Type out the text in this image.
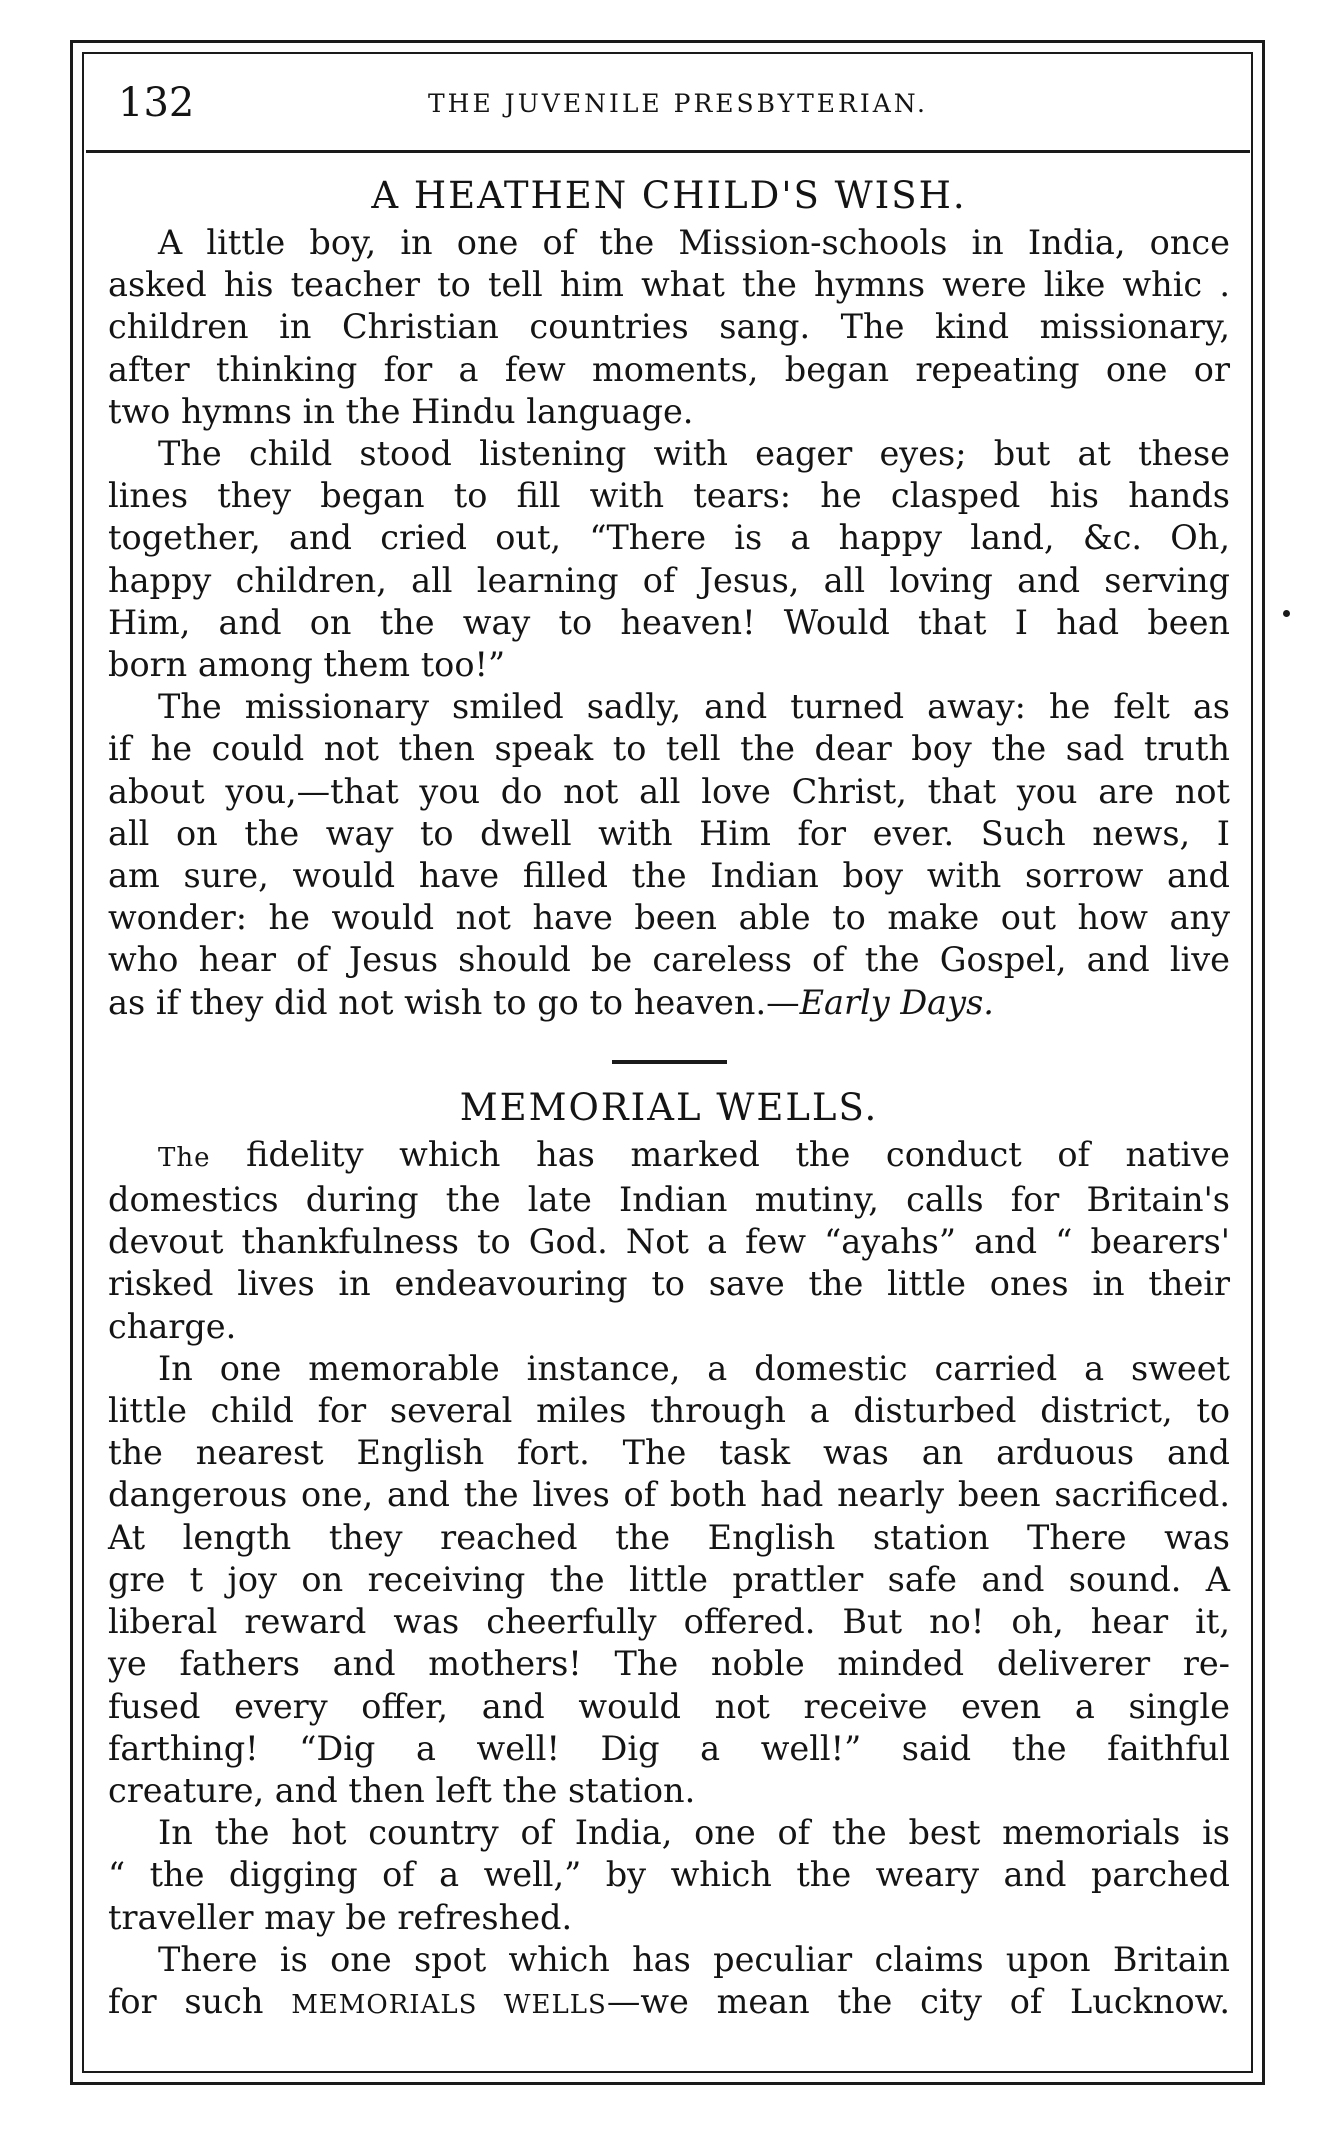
132	THE JUVENILE PRESBYTERIAN.
A HEATHEN CHILD'S WISH.
A little boy, in one of the Mission-schools in India, once
asked his teacher to tell him what the hymns were like whic .
children in Christian countries sang. The kind missionary,
after thinking for a few moments, began repeating one or
two hymns in the Hindu language.
The child stood listening with eager eyes; but at these
lines they began to fill with tears: he clasped his hands
together, and cried out, “There is a happy land, &c. Oh,
happy children, all learning of Jesus, all loving and serving
Him, and on the way to heaven! Would that I had been
born among them too!”
The missionary smiled sadly, and turned away: he felt as
if he could not then speak to tell the dear boy the sad truth
about you,—that you do not all love Christ, that you are not
all on the way to dwell with Him for ever. Such news, I
am sure, would have filled the Indian boy with sorrow and
wonder: he would not have been able to make out how any
who hear of Jesus should be careless of the Gospel, and live
as if they did not wish to go to heaven.—Early Days.
MEMORIAL WELLS.
The fidelity which has marked the conduct of native
domestics during the late Indian mutiny, calls for Britain's
devout thankfulness to God. Not a few “ayahs” and “ bearers'
risked lives in endeavouring to save the little ones in their
charge.
In one memorable instance, a domestic carried a sweet
little child for several miles through a disturbed district, to
the nearest English fort. The task was an arduous and
dangerous one, and the lives of both had nearly been sacrificed.
At length they reached the English station There was
gre t joy on receiving the little prattler safe and sound. A
liberal reward was cheerfully offered. But no! oh, hear it,
ye fathers and mothers! The noble minded deliverer re-
fused every offer, and would not receive even a single
farthing! “Dig a well! Dig a well!” said the faithful
creature, and then left the station.
In the hot country of India, one of the best memorials is
“ the digging of a well,” by which the weary and parched
traveller may be refreshed.
There is one spot which has peculiar claims upon Britain
for such MEMORIALS WELLS—we mean the city of Lucknow.
